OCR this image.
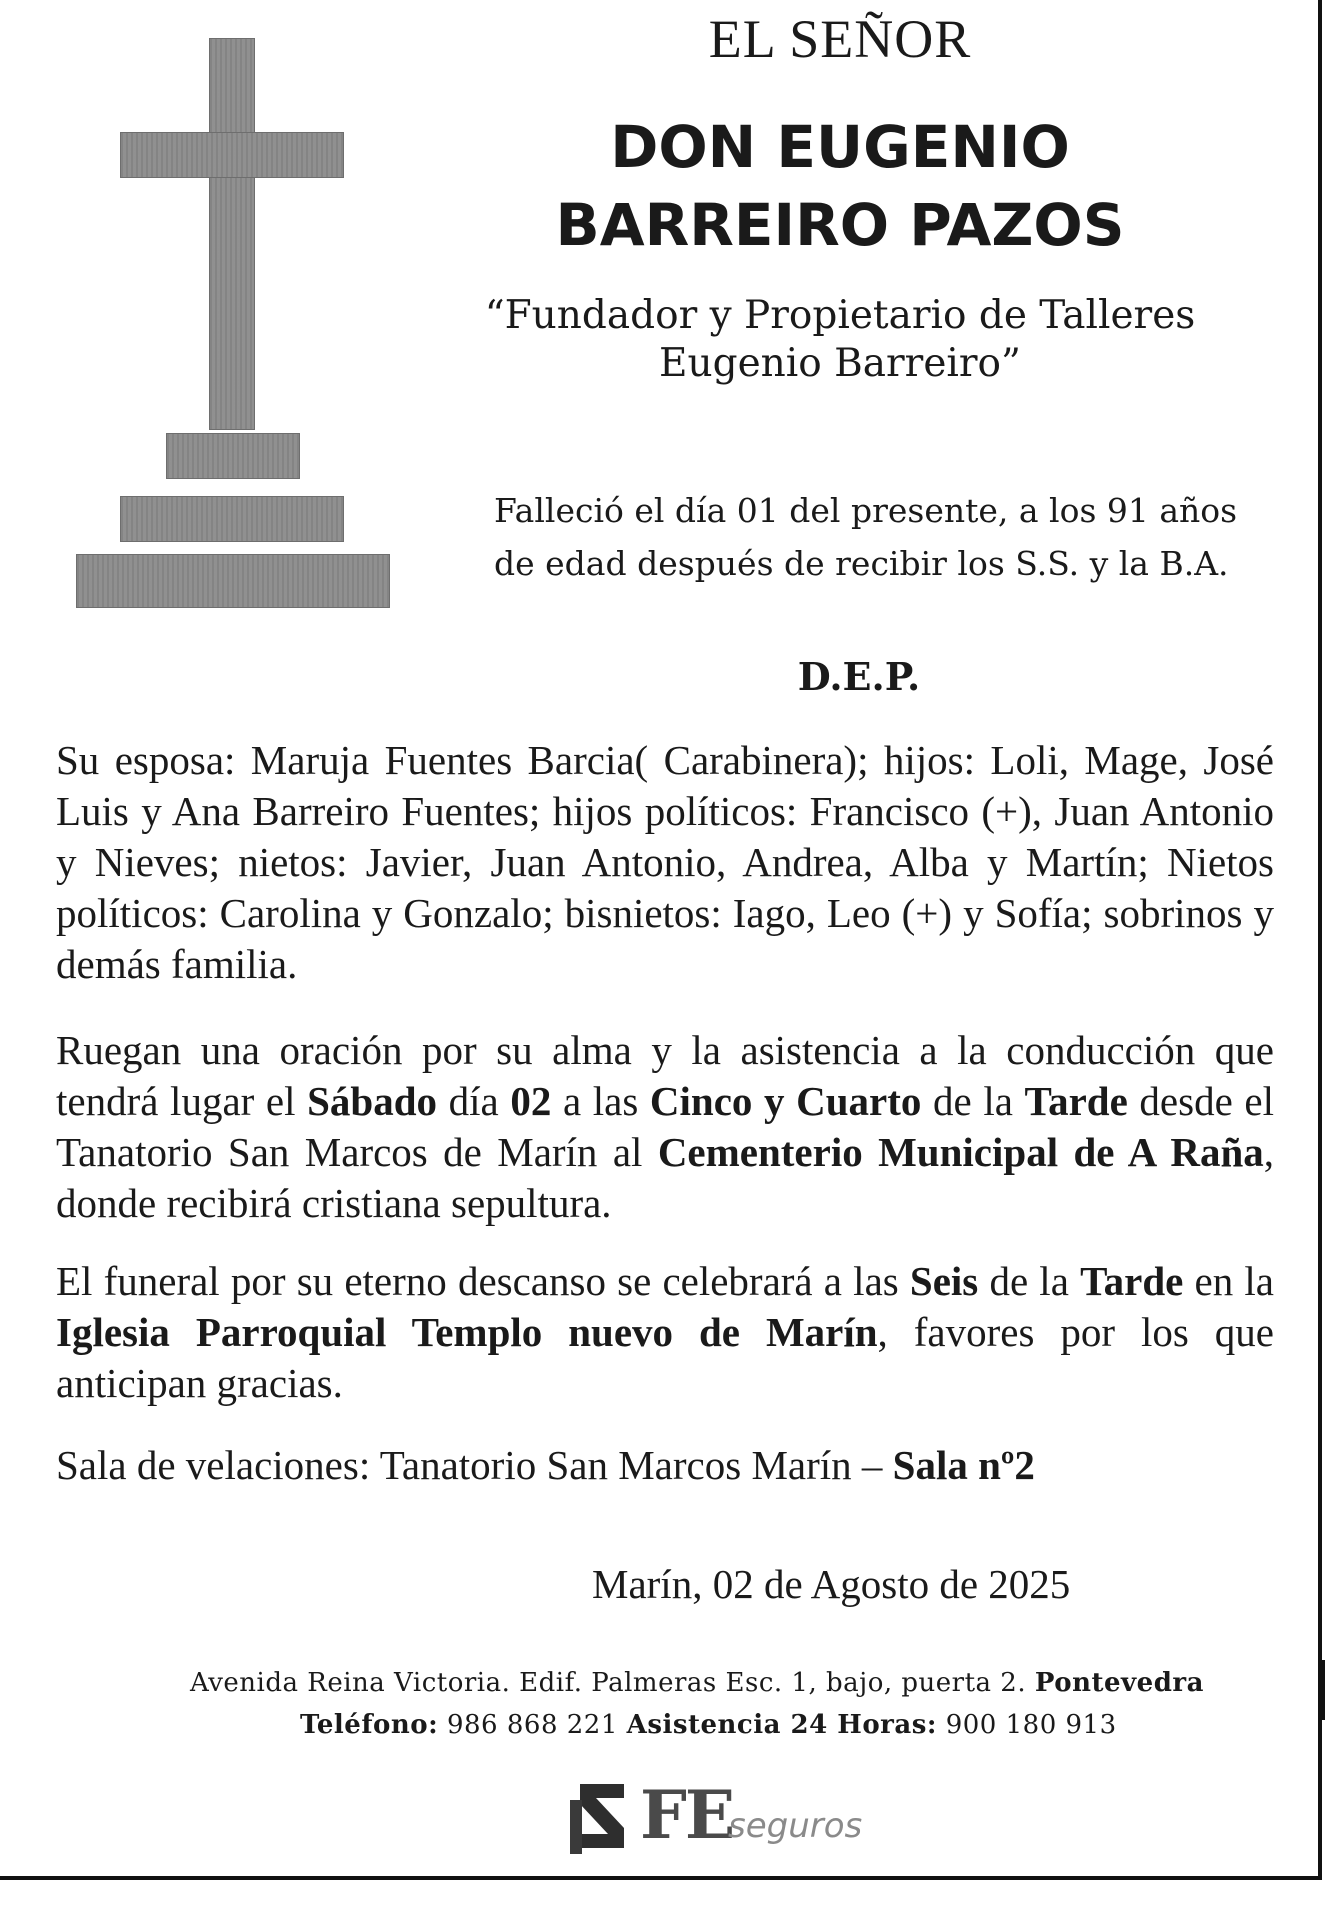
EL SEÑOR
DON EUGENIO
BARREIRO PAZOS
“Fundador y Propietario de Talleres
Eugenio Barreiro”
Falleció el día 01 del presente, a los 91 años
de edad después de recibir los S.S. y la B.A.
D.E.P.

Su esposa: Maruja Fuentes Barcia( Carabinera); hijos: Loli, Mage, José Luis y Ana Barreiro Fuentes; hijos políticos: Francisco (+), Juan Antonio y Nieves; nietos: Javier, Juan Antonio, Andrea, Alba y Martín; Nietos políticos: Carolina y Gonzalo; bisnietos: Iago, Leo (+) y Sofía; sobrinos y demás familia.

Ruegan una oración por su alma y la asistencia a la conducción que tendrá lugar el Sábado día 02 a las Cinco y Cuarto de la Tarde desde el Tanatorio San Marcos de Marín al Cementerio Municipal de A Raña, donde recibirá cristiana sepultura.

El funeral por su eterno descanso se celebrará a las Seis de la Tarde en la Iglesia Parroquial Templo nuevo de Marín, favores por los que anticipan gracias.

Sala de velaciones: Tanatorio San Marcos Marín – Sala nº2

Marín, 02 de Agosto de 2025
Avenida Reina Victoria. Edif. Palmeras Esc. 1, bajo, puerta 2. Pontevedra
Teléfono: 986 868 221 Asistencia 24 Horas: 900 180 913
FE
seguros
